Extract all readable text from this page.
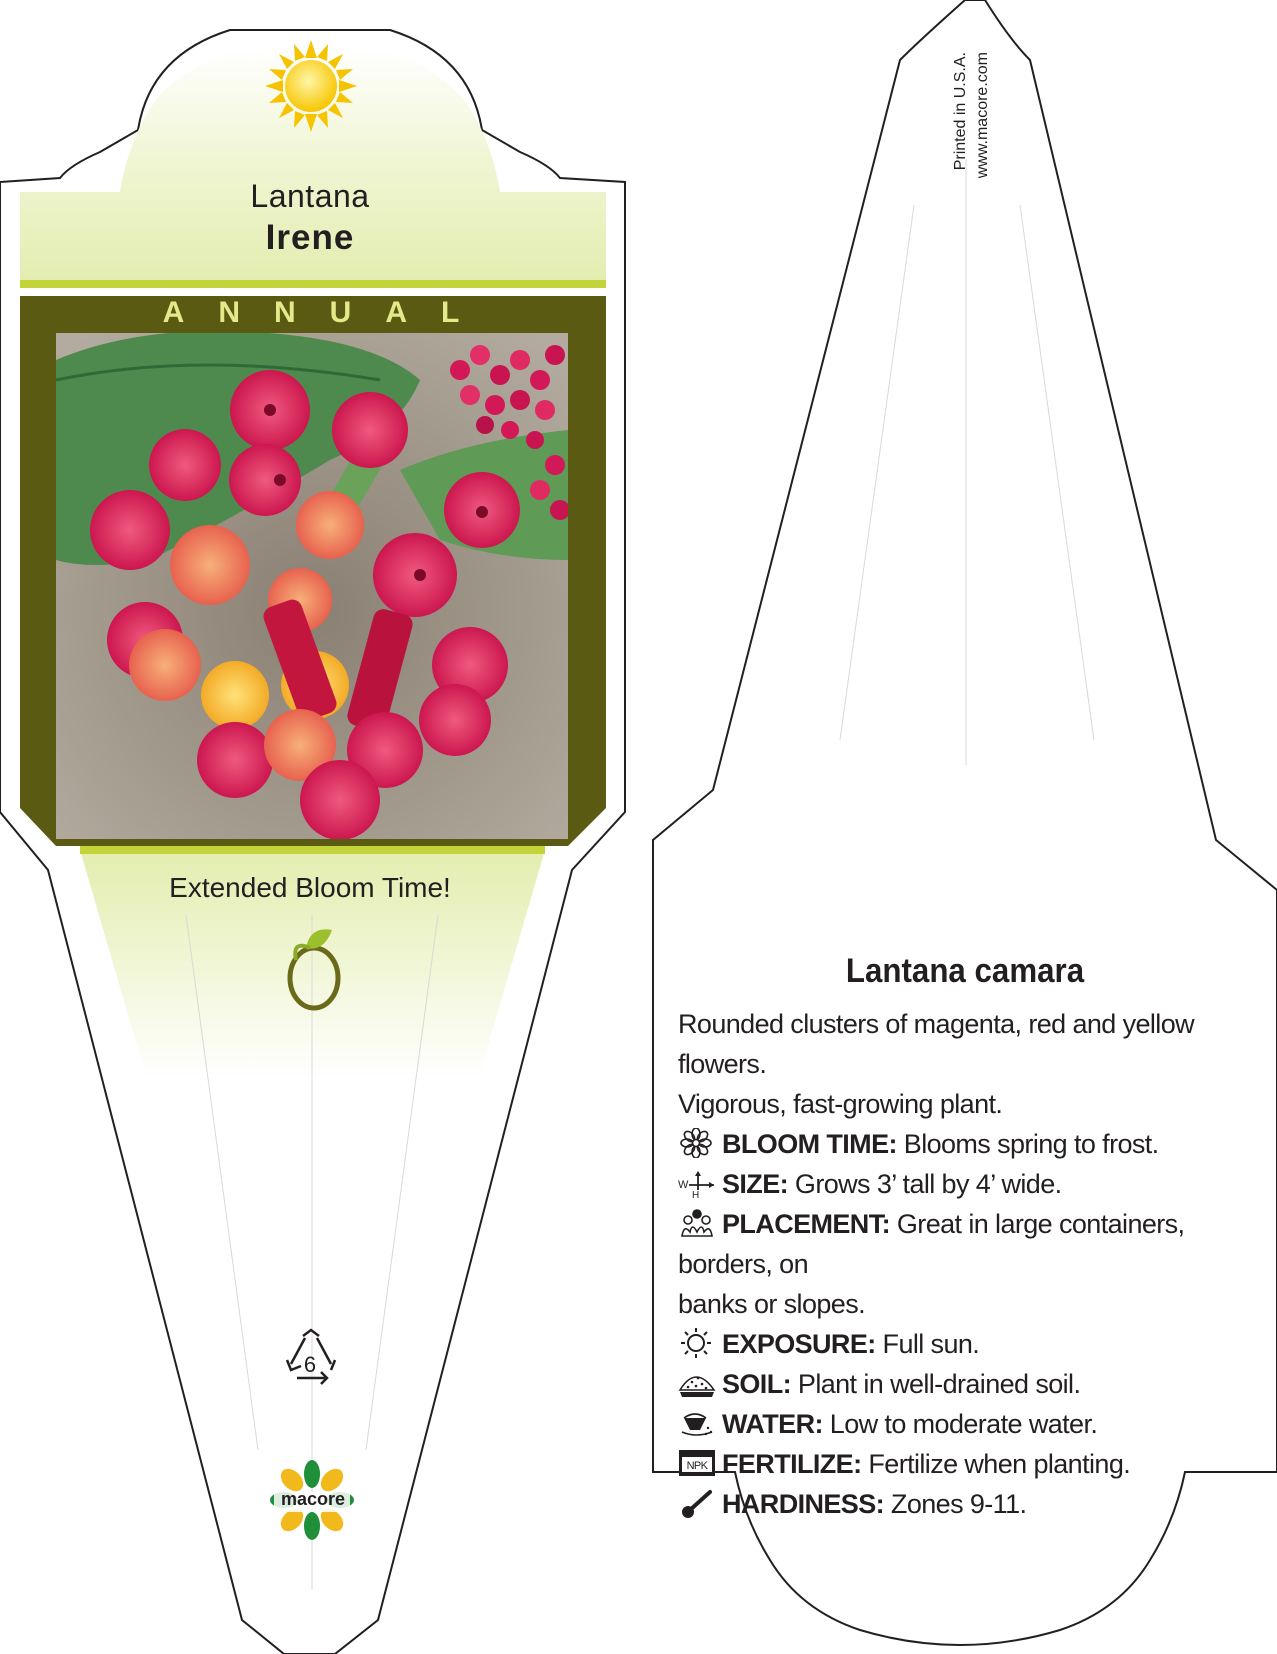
Lantana
Irene
ANNUAL
Extended Bloom Time!
6
macore
Printed in U.S.A. www.macore.com
Lantana camara
Rounded clusters of magenta, red and yellow flowers.
Vigorous, fast-growing plant.
BLOOM TIME: Blooms spring to frost.
W
H SIZE: Grows 3’ tall by 4’ wide.
PLACEMENT: Great in large containers, borders, on
banks or slopes.
EXPOSURE: Full sun.
SOIL: Plant in well-drained soil.
WATER: Low to moderate water.
NPK FERTILIZE: Fertilize when planting.
HARDINESS: Zones 9-11.
